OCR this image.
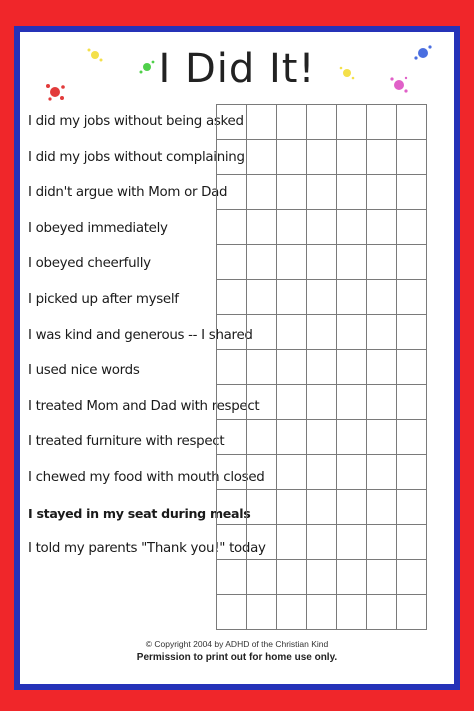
I Did It!
I did my jobs without being asked
I did my jobs without complaining
I didn't argue with Mom or Dad
I obeyed immediately
I obeyed cheerfully
I picked up after myself
I was kind and generous -- I shared
I used nice words
I treated Mom and Dad with respect
I treated furniture with respect
I chewed my food with mouth closed
I stayed in my seat during meals
I told my parents "Thank you!" today

© Copyright 2004 by ADHD of the Christian Kind
Permission to print out for home use only.
